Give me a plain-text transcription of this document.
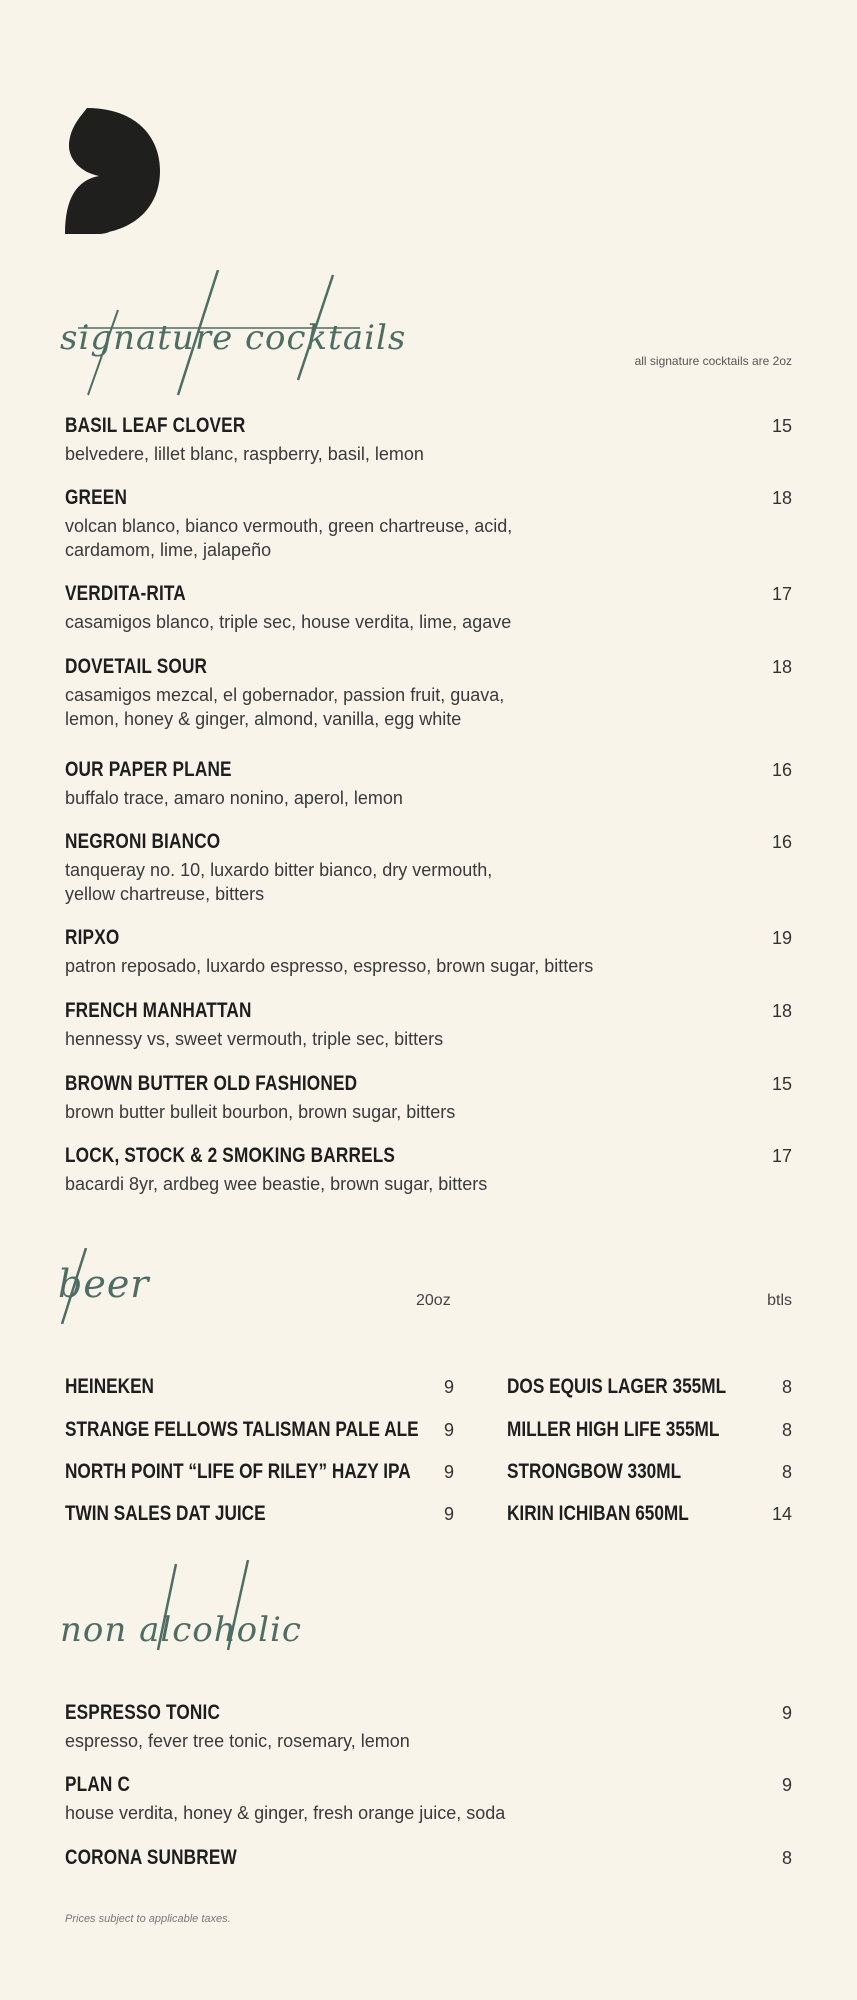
signature cocktails
all signature cocktails are 2oz
BASIL LEAF CLOVER	15
belvedere, lillet blanc, raspberry, basil, lemon
GREEN	18
volcan blanco, bianco vermouth, green chartreuse, acid,
cardamom, lime, jalapeño
VERDITA-RITA	17
casamigos blanco, triple sec, house verdita, lime, agave
DOVETAIL SOUR	18
casamigos mezcal, el gobernador, passion fruit, guava,
lemon, honey & ginger, almond, vanilla, egg white
OUR PAPER PLANE	16
buffalo trace, amaro nonino, aperol, lemon
NEGRONI BIANCO	16
tanqueray no. 10, luxardo bitter bianco, dry vermouth,
yellow chartreuse, bitters
RIPXO	19
patron reposado, luxardo espresso, espresso, brown sugar, bitters
FRENCH MANHATTAN	18
hennessy vs, sweet vermouth, triple sec, bitters
BROWN BUTTER OLD FASHIONED	15
brown butter bulleit bourbon, brown sugar, bitters
LOCK, STOCK & 2 SMOKING BARRELS	17
bacardi 8yr, ardbeg wee beastie, brown sugar, bitters
beer	20oz	btls
HEINEKEN	9
STRANGE FELLOWS TALISMAN PALE ALE 9
NORTH POINT “LIFE OF RILEY” HAZY IPA 9
TWIN SALES DAT JUICE	9
DOS EQUIS LAGER 355ML	8
MILLER HIGH LIFE 355ML	8
STRONGBOW 330ML	8
KIRIN ICHIBAN 650ML	14
non alcoholic
ESPRESSO TONIC	9
espresso, fever tree tonic, rosemary, lemon
PLAN C	9
house verdita, honey & ginger, fresh orange juice, soda
CORONA SUNBREW	8
Prices subject to applicable taxes.
